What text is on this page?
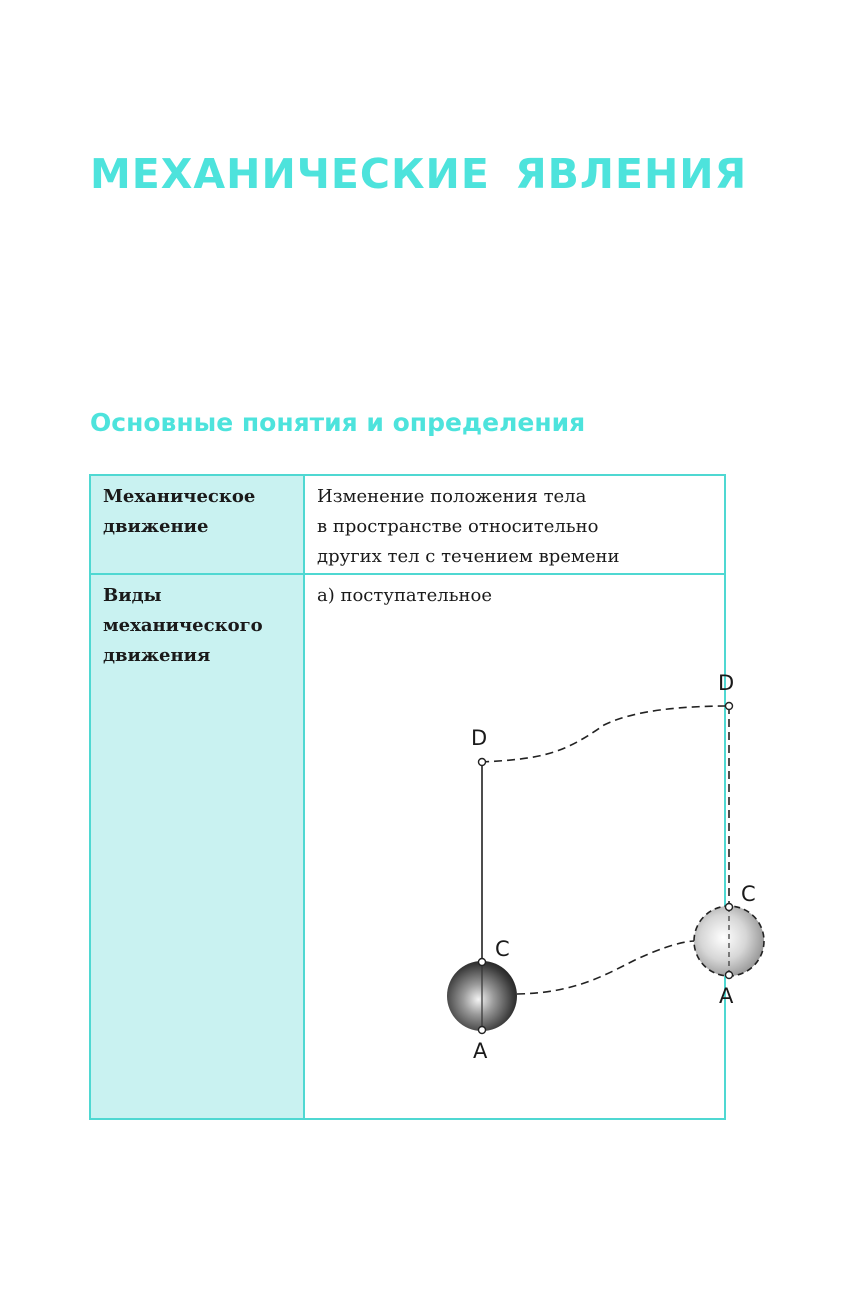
МЕХАНИЧЕСКИЕ ЯВЛЕНИЯ
Основные понятия и определения
Механическое
движение
Изменение положения тела
в пространстве относительно
других тел с течением времени
Виды
механического
движения
а) поступательное
D
C
A
D
C
A
